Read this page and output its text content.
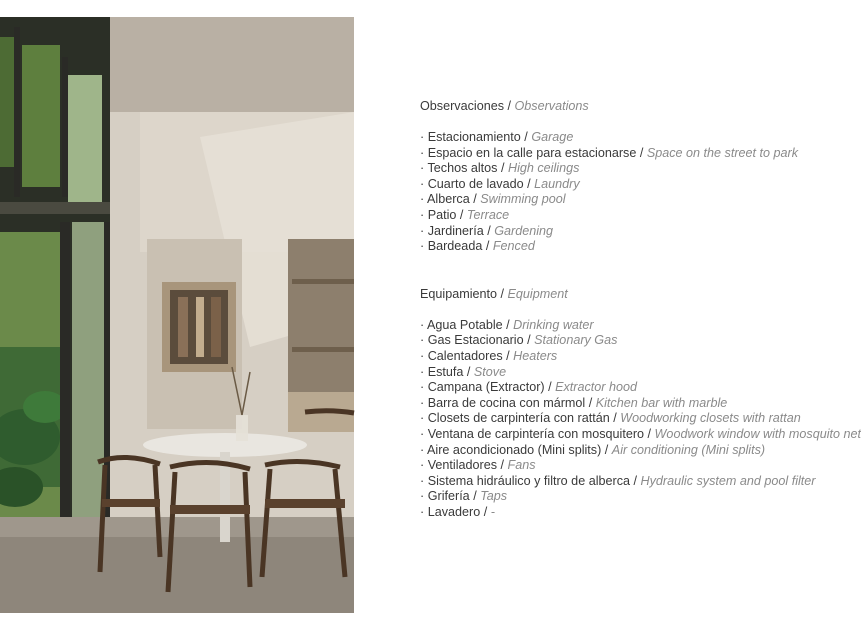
Observaciones / Observations
· Estacionamiento / Garage
· Espacio en la calle para estacionarse / Space on the street to park
· Techos altos / High ceilings
· Cuarto de lavado / Laundry
· Alberca / Swimming pool
· Patio / Terrace
· Jardinería / Gardening
· Bardeada / Fenced
Equipamiento / Equipment
· Agua Potable / Drinking water
· Gas Estacionario / Stationary Gas
· Calentadores / Heaters
· Estufa / Stove
· Campana (Extractor) / Extractor hood
· Barra de cocina con mármol / Kitchen bar with marble
· Closets de carpintería con rattán / Woodworking closets with rattan
· Ventana de carpintería con mosquitero / Woodwork window with mosquito net
· Aire acondicionado (Mini splits) / Air conditioning (Mini splits)
· Ventiladores / Fans
· Sistema hidráulico y filtro de alberca / Hydraulic system and pool filter
· Grifería / Taps
· Lavadero / -
